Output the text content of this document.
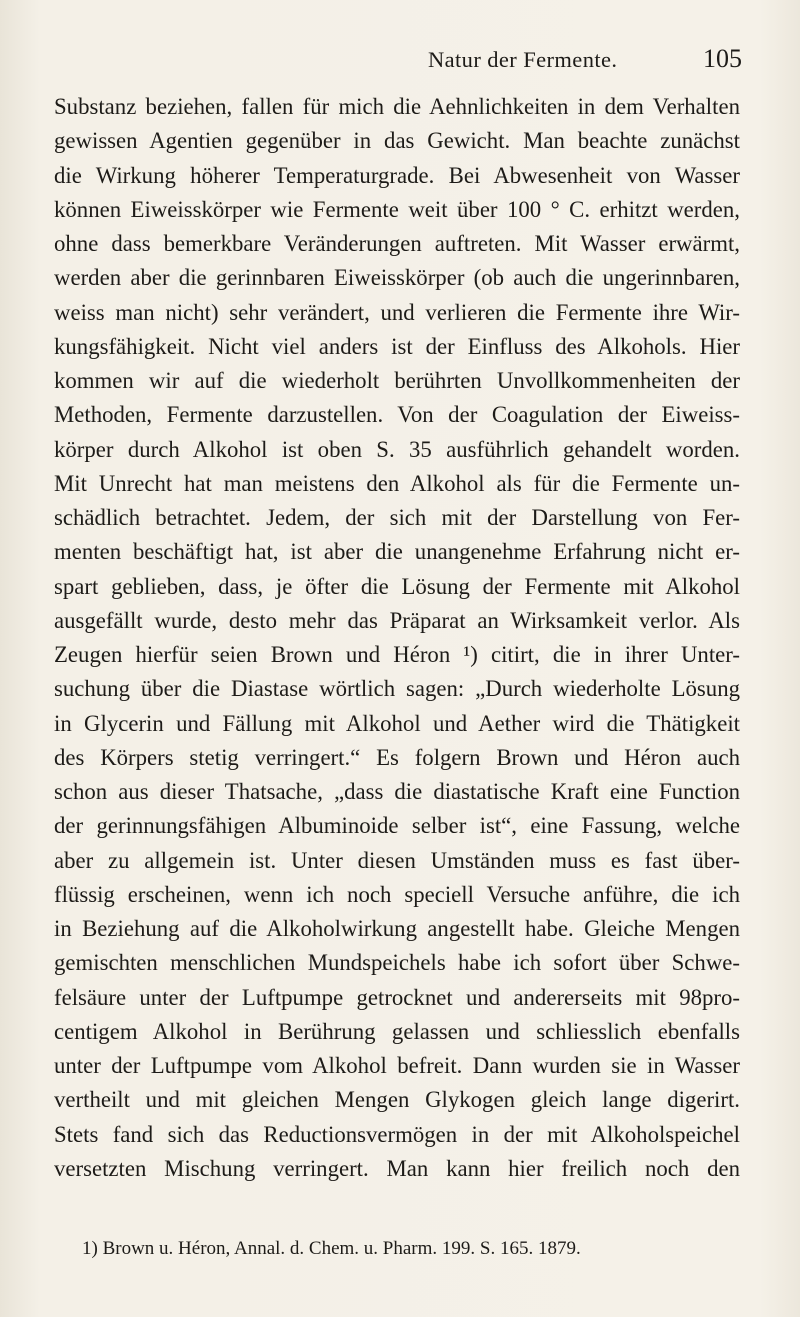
Natur der Fermente.	105
Substanz beziehen, fallen für mich die Aehnlichkeiten in dem Verhalten
gewissen Agentien gegenüber in das Gewicht. Man beachte zunächst
die Wirkung höherer Temperaturgrade. Bei Abwesenheit von Wasser
können Eiweisskörper wie Fermente weit über 100 ° C. erhitzt werden,
ohne dass bemerkbare Veränderungen auftreten. Mit Wasser erwärmt,
werden aber die gerinnbaren Eiweisskörper (ob auch die ungerinnbaren,
weiss man nicht) sehr verändert, und verlieren die Fermente ihre Wir-
kungsfähigkeit. Nicht viel anders ist der Einfluss des Alkohols. Hier
kommen wir auf die wiederholt berührten Unvollkommenheiten der
Methoden, Fermente darzustellen. Von der Coagulation der Eiweiss-
körper durch Alkohol ist oben S. 35 ausführlich gehandelt worden.
Mit Unrecht hat man meistens den Alkohol als für die Fermente un-
schädlich betrachtet. Jedem, der sich mit der Darstellung von Fer-
menten beschäftigt hat, ist aber die unangenehme Erfahrung nicht er-
spart geblieben, dass, je öfter die Lösung der Fermente mit Alkohol
ausgefällt wurde, desto mehr das Präparat an Wirksamkeit verlor. Als
Zeugen hierfür seien Brown und Héron ¹) citirt, die in ihrer Unter-
suchung über die Diastase wörtlich sagen: „Durch wiederholte Lösung
in Glycerin und Fällung mit Alkohol und Aether wird die Thätigkeit
des Körpers stetig verringert.“ Es folgern Brown und Héron auch
schon aus dieser Thatsache, „dass die diastatische Kraft eine Function
der gerinnungsfähigen Albuminoide selber ist“, eine Fassung, welche
aber zu allgemein ist. Unter diesen Umständen muss es fast über-
flüssig erscheinen, wenn ich noch speciell Versuche anführe, die ich
in Beziehung auf die Alkoholwirkung angestellt habe. Gleiche Mengen
gemischten menschlichen Mundspeichels habe ich sofort über Schwe-
felsäure unter der Luftpumpe getrocknet und andererseits mit 98pro-
centigem Alkohol in Berührung gelassen und schliesslich ebenfalls
unter der Luftpumpe vom Alkohol befreit. Dann wurden sie in Wasser
vertheilt und mit gleichen Mengen Glykogen gleich lange digerirt.
Stets fand sich das Reductionsvermögen in der mit Alkoholspeichel
versetzten Mischung verringert. Man kann hier freilich noch den
1) Brown u. Héron, Annal. d. Chem. u. Pharm. 199. S. 165. 1879.
